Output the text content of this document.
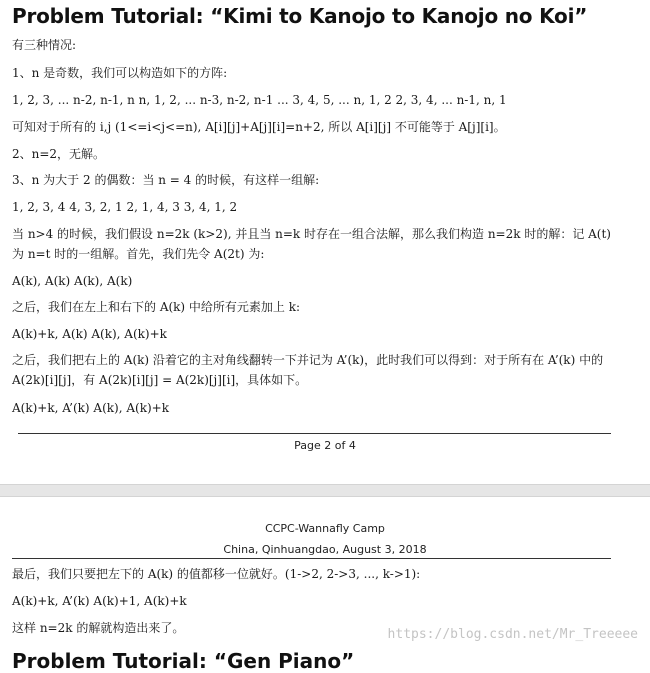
Problem Tutorial: “Kimi to Kanojo to Kanojo no Koi”
有三种情况:
1、n 是奇数，我们可以构造如下的方阵:
1, 2, 3, ... n-2, n-1, n n, 1, 2, ... n-3, n-2, n-1 ... 3, 4, 5, ... n, 1, 2 2, 3, 4, ... n-1, n, 1
可知对于所有的 i,j (1<=i<j<=n), A[i][j]+A[j][i]=n+2, 所以 A[i][j] 不可能等于 A[j][i]。
2、n=2，无解。
3、n 为大于 2 的偶数：当 n = 4 的时候，有这样一组解:
1, 2, 3, 4 4, 3, 2, 1 2, 1, 4, 3 3, 4, 1, 2
当 n>4 的时候，我们假设 n=2k (k>2), 并且当 n=k 时存在一组合法解，那么我们构造 n=2k 时的解：记 A(t) 为 n=t 时的一组解。首先，我们先令 A(2t) 为:
A(k), A(k) A(k), A(k)
之后，我们在左上和右下的 A(k) 中给所有元素加上 k:
A(k)+k, A(k) A(k), A(k)+k
之后，我们把右上的 A(k) 沿着它的主对角线翻转一下并记为 A’(k)，此时我们可以得到：对于所有在 A’(k) 中的 A(2k)[i][j]，有 A(2k)[i][j] = A(2k)[j][i]，具体如下。
A(k)+k, A’(k) A(k), A(k)+k
Page 2 of 4
CCPC-Wannafly Camp
China, Qinhuangdao, August 3, 2018
最后，我们只要把左下的 A(k) 的值都移一位就好。(1->2, 2->3, ..., k->1):
A(k)+k, A’(k) A(k)+1, A(k)+k
这样 n=2k 的解就构造出来了。	https://blog.csdn.net/Mr_Treeeee
Problem Tutorial: “Gen Piano”
